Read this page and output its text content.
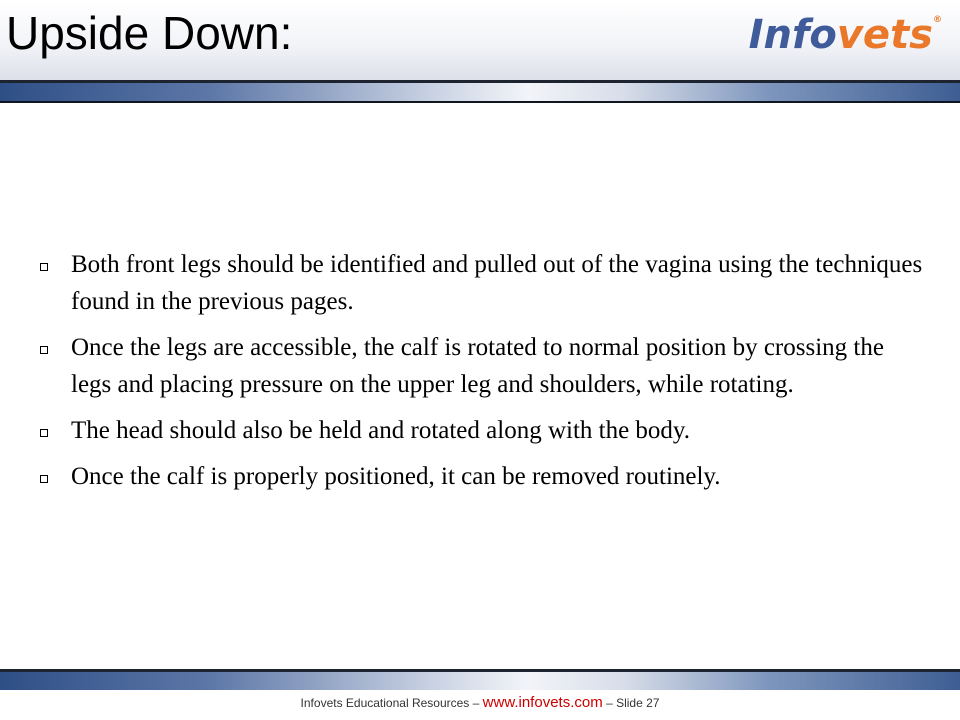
Upside Down:	Infovets®
Both front legs should be identified and pulled out of the vagina using the techniques found in the previous pages.
Once the legs are accessible, the calf is rotated to normal position by crossing the legs and placing pressure on the upper leg and shoulders, while rotating.
The head should also be held and rotated along with the body.
Once the calf is properly positioned, it can be removed routinely.
Infovets Educational Resources – www.infovets.com – Slide 27
